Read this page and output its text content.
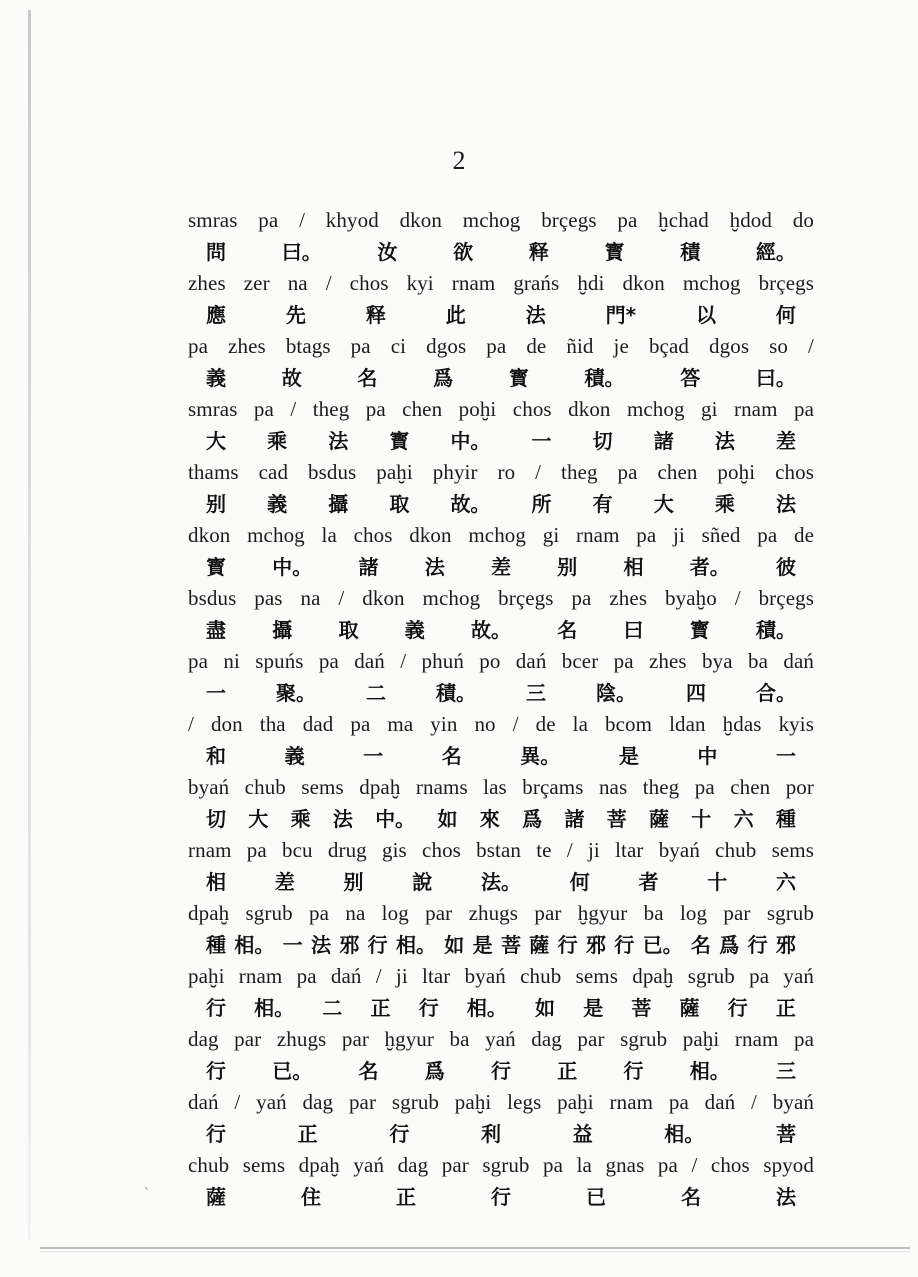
2
smras pa / khyod dkon mchog brçegs pa ḫchad ḫdod do
問	曰。	汝	欲	释	寳	積	經。
zhes zer na / chos kyi rnam grańs ḫdi dkon mchog brçegs
應	先	释	此	法	門*	以	何
pa zhes btags pa ci dgos pa de ñid je bçad dgos so /
義	故	名	爲	寳	積。	答	曰。
smras pa / theg pa chen poḫi chos dkon mchog gi rnam pa
大 乘 法 寳 中。 一 切 諸 法 差
thams cad bsdus paḫi phyir ro / theg pa chen poḫi chos
别 義 攝 取 故。 所 有 大 乘 法
dkon mchog la chos dkon mchog gi rnam pa ji sñed pa de
寳 中。 諸 法 差 别 相 者。 彼
bsdus pas na / dkon mchog brçegs pa zhes byaḫo / brçegs
盡 攝 取 義 故。 名 曰 寳 積。
pa ni spuńs pa dań / phuń po dań bcer pa zhes bya ba dań
一	聚。	二	積。	三	陰。	四	合。
/ don tha dad pa ma yin no / de la bcom ldan ḫdas kyis
和	義	一	名	異。	是	中	一
byań chub sems dpaḫ rnams las brçams nas theg pa chen por
切 大 乘 法 中。 如 來 爲 諸 菩 薩 十 六 種
rnam pa bcu drug gis chos bstan te / ji ltar byań chub sems
相 差 别 說 法。 何 者 十 六
dpaḫ sgrub pa na log par zhugs par ḫgyur ba log par sgrub
種 相。 一 法 邪 行 相。 如 是 菩 薩 行 邪 行 已。 名 爲 行 邪
paḫi rnam pa dań / ji ltar byań chub sems dpaḫ sgrub pa yań
行 相。 二 正 行 相。 如 是 菩 薩 行 正
dag par zhugs par ḫgyur ba yań dag par sgrub paḫi rnam pa
行 已。 名 爲 行 正 行 相。 三
dań / yań dag par sgrub paḫi legs paḫi rnam pa dań / byań
行	正	行	利	益	相。	菩
chub sems dpaḫ yań dag par sgrub pa la gnas pa / chos spyod
薩	住	正	行	已	名	法
`
